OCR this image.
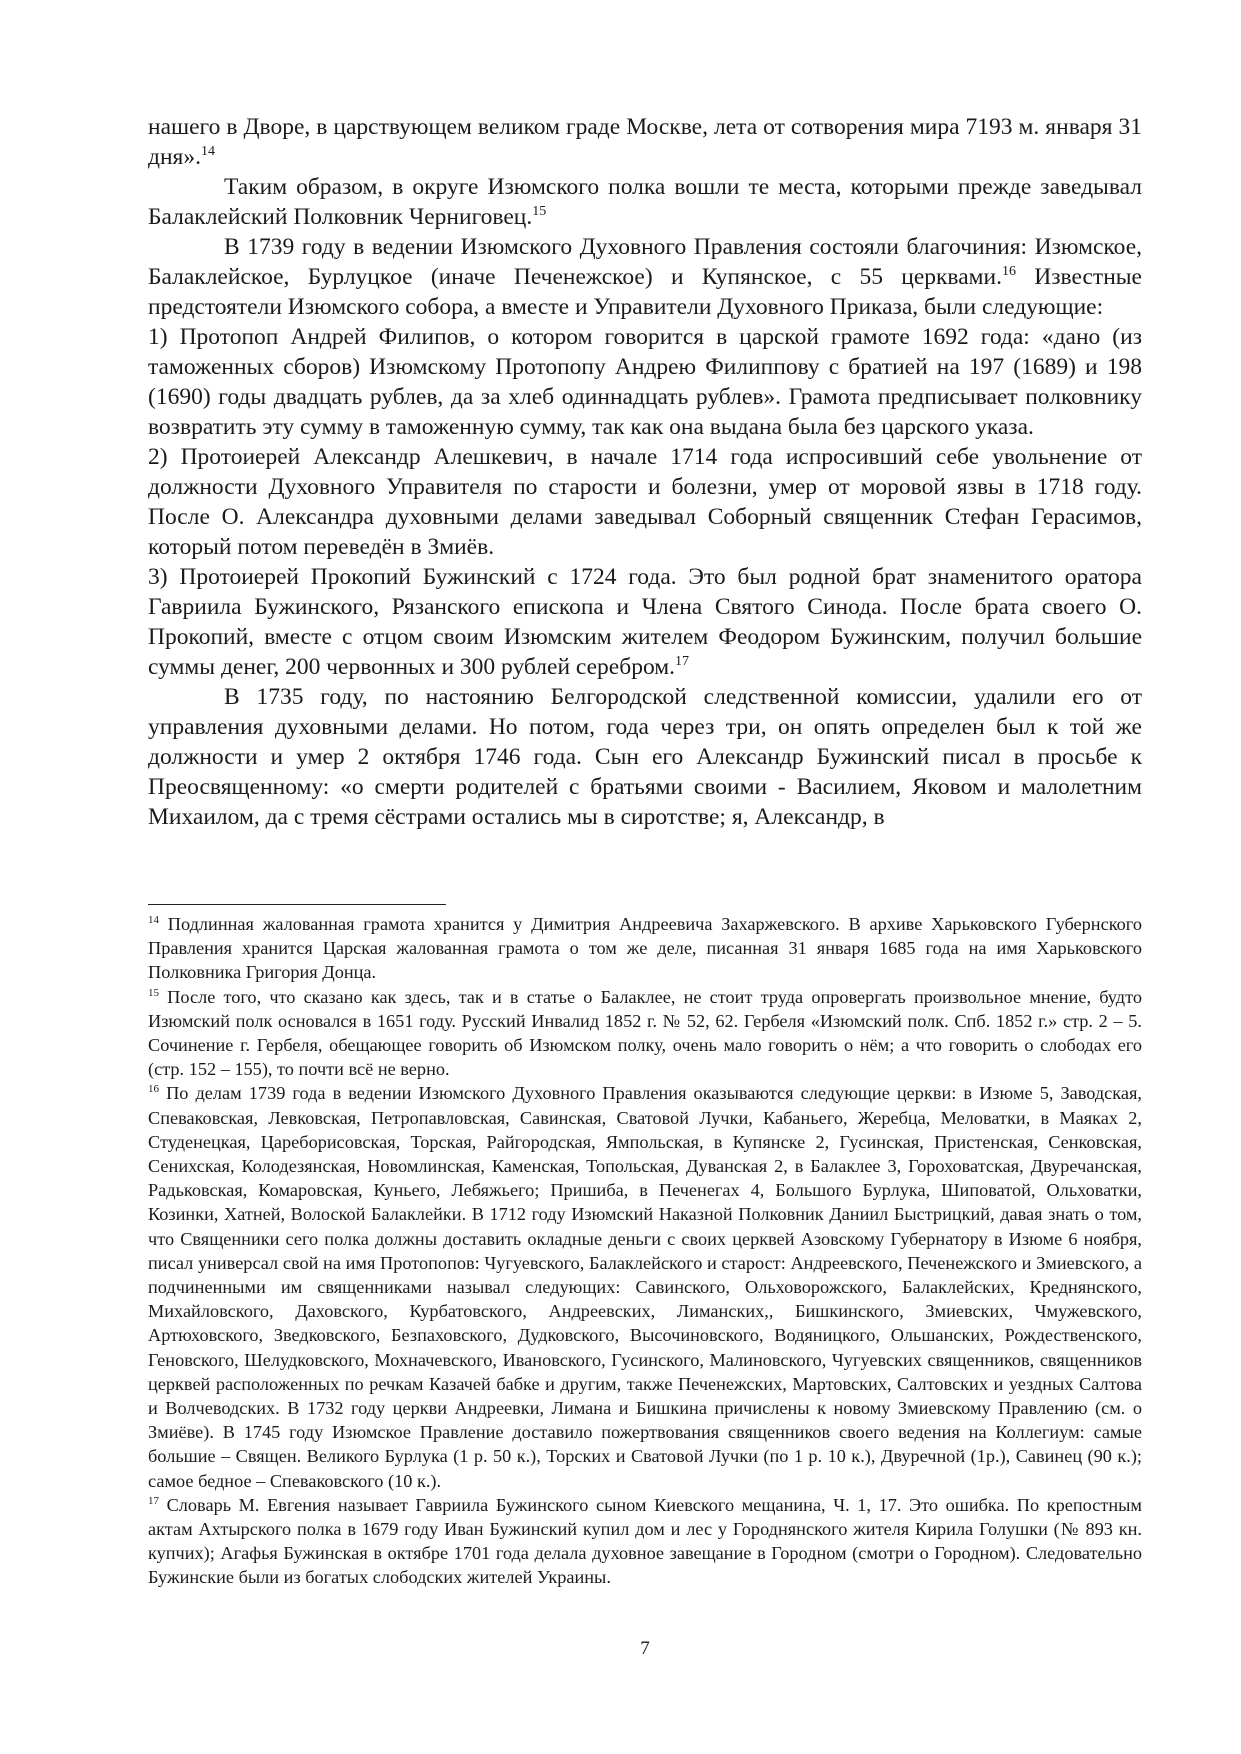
нашего в Дворе, в царствующем великом граде Москве, лета от сотворения мира 7193 м. января 31 дня».$^{14}$

Таким образом, в округе Изюмского полка вошли те места, которыми прежде заведывал Балаклейский Полковник Черниговец.$^{15}$

В 1739 году в ведении Изюмского Духовного Правления состояли благочиния: Изюмское, Балаклейское, Бурлуцкое (иначе Печенежское) и Купянское, с 55 церквами.$^{16}$ Известные предстоятели Изюмского собора, а вместе и Управители Духовного Приказа, были следующие:

1) Протопоп Андрей Филипов, о котором говорится в царской грамоте 1692 года: «дано (из таможенных сборов) Изюмскому Протопопу Андрею Филиппову с братией на 197 (1689) и 198 (1690) годы двадцать рублев, да за хлеб одиннадцать рублев». Грамота предписывает полковнику возвратить эту сумму в таможенную сумму, так как она выдана была без царского указа.

2) Протоиерей Александр Алешкевич, в начале 1714 года испросивший себе увольнение от должности Духовного Управителя по старости и болезни, умер от моровой язвы в 1718 году. После О. Александра духовными делами заведывал Соборный священник Стефан Герасимов, который потом переведён в Змиёв.

3) Протоиерей Прокопий Бужинский с 1724 года. Это был родной брат знаменитого оратора Гавриила Бужинского, Рязанского епископа и Члена Святого Синода. После брата своего О. Прокопий, вместе с отцом своим Изюмским жителем Феодором Бужинским, получил большие суммы денег, 200 червонных и 300 рублей серебром.$^{17}$

В 1735 году, по настоянию Белгородской следственной комиссии, удалили его от управления духовными делами. Но потом, года через три, он опять определен был к той же должности и умер 2 октября 1746 года. Сын его Александр Бужинский писал в просьбе к Преосвященному: «о смерти родителей с братьями своими - Василием, Яковом и малолетним Михаилом, да с тремя сёстрами остались мы в сиротстве; я, Александр, в

$^{14}$ Подлинная жалованная грамота хранится у Димитрия Андреевича Захаржевского. В архиве Харьковского Губернского Правления хранится Царская жалованная грамота о том же деле, писанная 31 января 1685 года на имя Харьковского Полковника Григория Донца.

$^{15}$ После того, что сказано как здесь, так и в статье о Балаклее, не стоит труда опровергать произвольное мнение, будто Изюмский полк основался в 1651 году. Русский Инвалид 1852 г. № 52, 62. Гербеля «Изюмский полк. Спб. 1852 г.» стр. 2 – 5. Сочинение г. Гербеля, обещающее говорить об Изюмском полку, очень мало говорить о нём; а что говорить о слободах его (стр. 152 – 155), то почти всё не верно.

$^{16}$ По делам 1739 года в ведении Изюмского Духовного Правления оказываются следующие церкви: в Изюме 5, Заводская, Спеваковская, Левковская, Петропавловская, Савинская, Сватовой Лучки, Кабаньего, Жеребца, Меловатки, в Маяках 2, Студенецкая, Цареборисовская, Торская, Райгородская, Ямпольская, в Купянске 2, Гусинская, Пристенская, Сенковская, Сенихская, Колодезянская, Новомлинская, Каменская, Топольская, Дуванская 2, в Балаклее 3, Гороховатская, Двуречанская, Радьковская, Комаровская, Куньего, Лебяжьего; Пришиба, в Печенегах 4, Большого Бурлука, Шиповатой, Ольховатки, Козинки, Хатней, Волоской Балаклейки. В 1712 году Изюмский Наказной Полковник Даниил Быстрицкий, давая знать о том, что Священники сего полка должны доставить окладные деньги с своих церквей Азовскому Губернатору в Изюме 6 ноября, писал универсал свой на имя Протопопов: Чугуевского, Балаклейского и старост: Андреевского, Печенежского и Змиевского, а подчиненными им священниками называл следующих: Савинского, Ольховорожского, Балаклейских, Креднянского, Михайловского, Даховского, Курбатовского, Андреевских, Лиманских,, Бишкинского, Змиевских, Чмужевского, Артюховского, Зведковского, Безпаховского, Дудковского, Высочиновского, Водяницкого, Ольшанских, Рождественского, Геновского, Шелудковского, Мохначевского, Ивановского, Гусинского, Малиновского, Чугуевских священников, священников церквей расположенных по речкам Казачей бабке и другим, также Печенежских, Мартовских, Салтовских и уездных Салтова и Волчеводских. В 1732 году церкви Андреевки, Лимана и Бишкина причислены к новому Змиевскому Правлению (см. о Змиёве). В 1745 году Изюмское Правление доставило пожертвования священников своего ведения на Коллегиум: самые большие – Священ. Великого Бурлука (1 р. 50 к.), Торских и Сватовой Лучки (по 1 р. 10 к.), Двуречной (1р.), Савинец (90 к.); самое бедное – Спеваковского (10 к.).

$^{17}$ Словарь М. Евгения называет Гавриила Бужинского сыном Киевского мещанина, Ч. 1, 17. Это ошибка. По крепостным актам Ахтырского полка в 1679 году Иван Бужинский купил дом и лес у Городнянского жителя Кирила Голушки (№ 893 кн. купчих); Агафья Бужинская в октябре 1701 года делала духовное завещание в Городном (смотри о Городном). Следовательно Бужинские были из богатых слободских жителей Украины.

7
